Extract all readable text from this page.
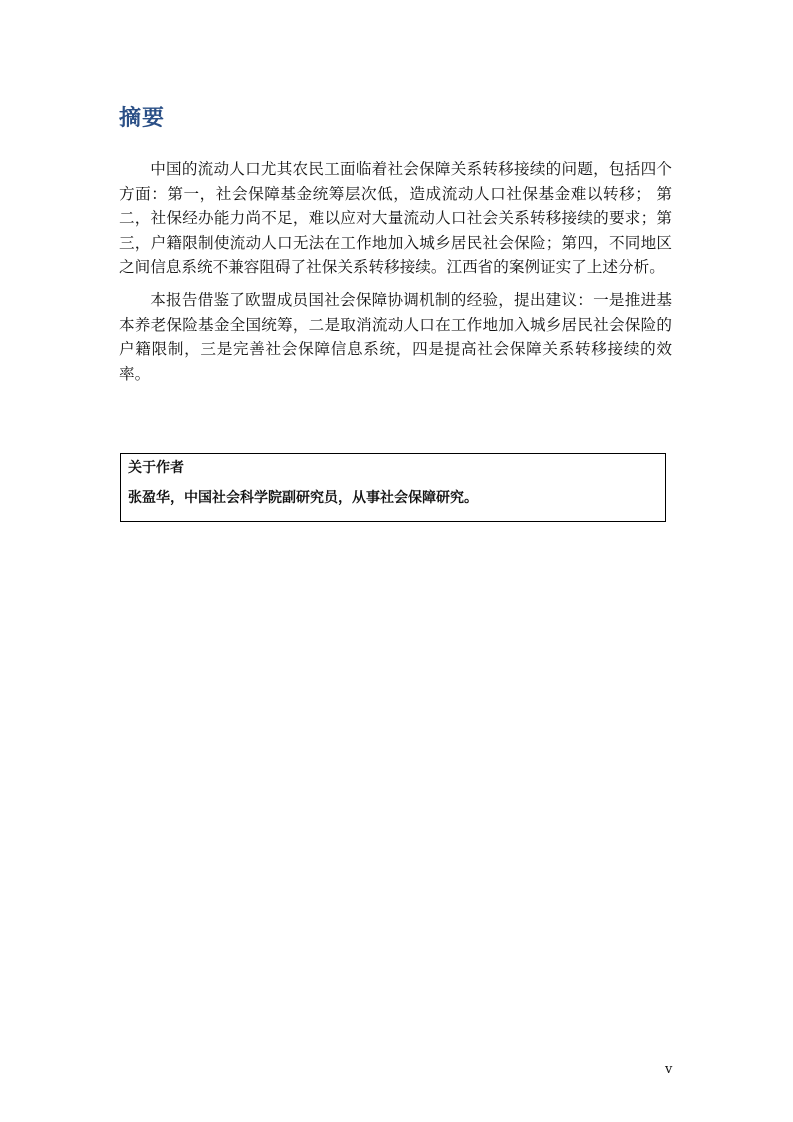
摘要

中国的流动人口尤其农民工面临着社会保障关系转移接续的问题，包括四个方面：第一，社会保障基金统筹层次低，造成流动人口社保基金难以转移； 第二，社保经办能力尚不足，难以应对大量流动人口社会关系转移接续的要求；第三，户籍限制使流动人口无法在工作地加入城乡居民社会保险；第四，不同地区之间信息系统不兼容阻碍了社保关系转移接续。江西省的案例证实了上述分析。

本报告借鉴了欧盟成员国社会保障协调机制的经验，提出建议：一是推进基本养老保险基金全国统筹，二是取消流动人口在工作地加入城乡居民社会保险的户籍限制，三是完善社会保障信息系统，四是提高社会保障关系转移接续的效率。

关于作者
张盈华，中国社会科学院副研究员，从事社会保障研究。
v
